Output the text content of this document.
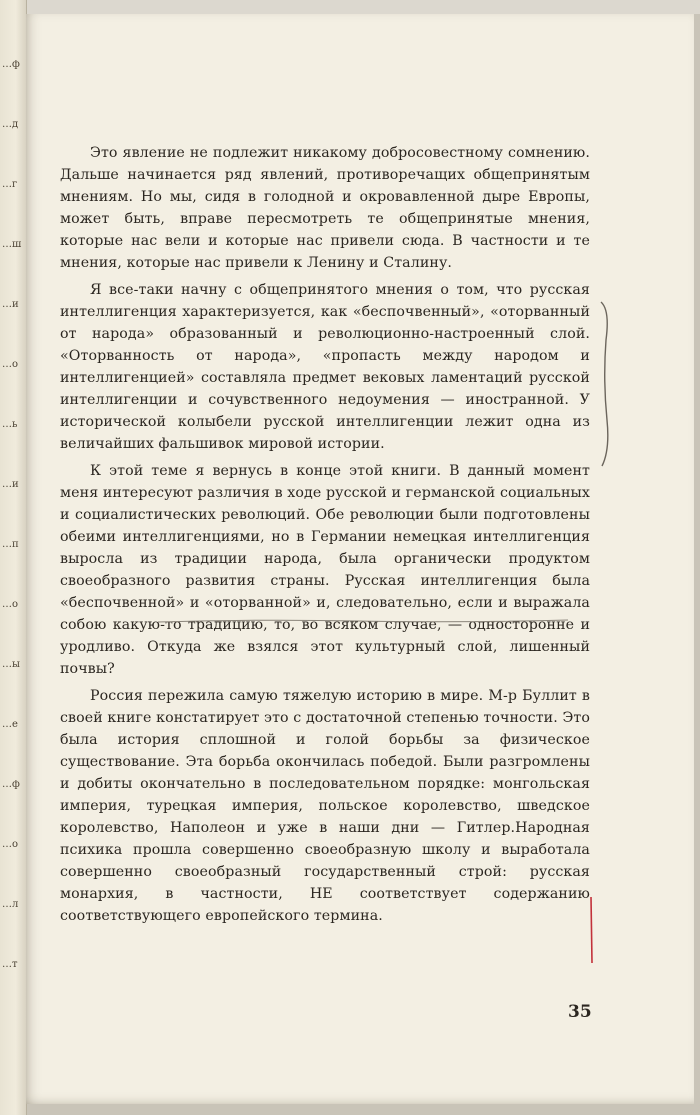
…ф
…д
…г
…ш
…и
…о
…ь
…и
…п
…о
…ы
…е
…ф
…о
…л
…т

Это явление не подлежит никакому добросовестному сомнению. Дальше начинается ряд явлений, противоречащих общепринятым мнениям. Но мы, сидя в голодной и окровавленной дыре Европы, может быть, вправе пересмотреть те общепринятые мнения, которые нас вели и которые нас привели сюда. В частности и те мнения, которые нас привели к Ленину и Сталину.

Я все-таки начну с общепринятого мнения о том, что русская интеллигенция характеризуется, как «беспочвенный», «оторванный от народа» образованный и революционно-настроенный слой. «Оторванность от народа», «пропасть между народом и интеллигенцией» составляла предмет вековых ламентаций русской интеллигенции и сочувственного недоумения — иностранной. У исторической колыбели русской интеллигенции лежит одна из величайших фальшивок мировой истории.

К этой теме я вернусь в конце этой книги. В данный момент меня интересуют различия в ходе русской и германской социальных и социалистических революций. Обе революции были подготовлены обеими интеллигенциями, но в Германии немецкая интеллигенция выросла из традиции народа, была органически продуктом своеобразного развития страны. Русская интеллигенция была «беспочвенной» и «оторванной» и, следовательно, если и выражала собою какую-то традицию, то, во всяком случае, — односторонне и уродливо. Откуда же взялся этот культурный слой, лишенный почвы?

Россия пережила самую тяжелую историю в мире. М-р Буллит в своей книге констатирует это с достаточной степенью точности. Это была история сплошной и голой борьбы за физическое существование. Эта борьба окончилась победой. Были разгромлены и добиты окончательно в последовательном порядке: монгольская империя, турецкая империя, польское королевство, шведское королевство, Наполеон и уже в наши дни — Гитлер.Народная психика прошла совершенно своеобразную школу и выработала совершенно своеобразный государственный строй: русская монархия, в частности, НЕ соответствует содержанию соответствующего европейского термина.

35
